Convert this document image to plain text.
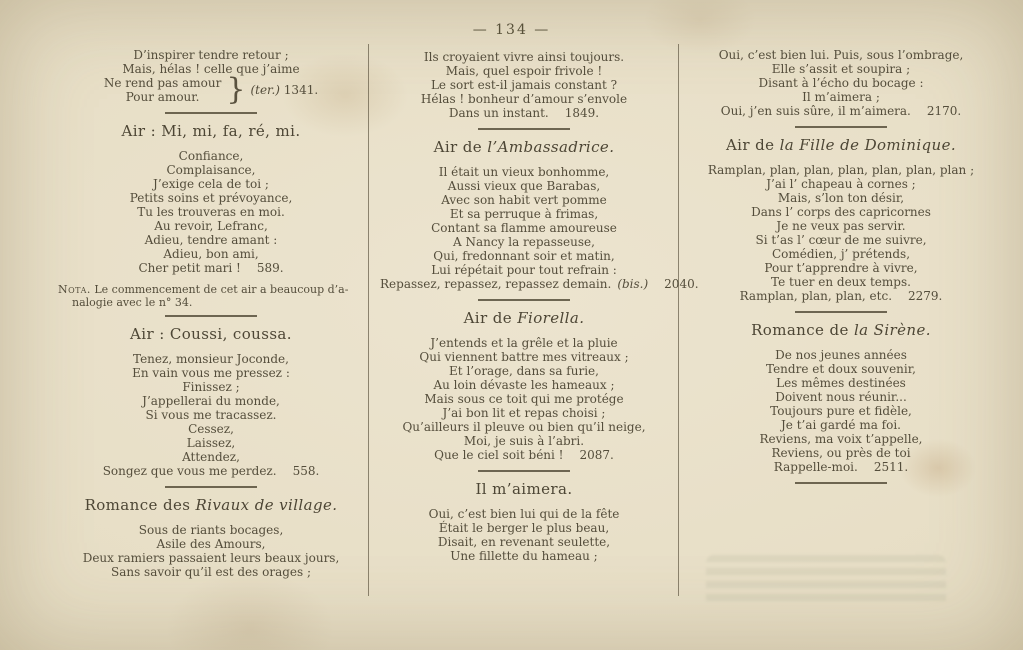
— 134 —
D’inspirer tendre retour ;
Mais, hélas ! celle que j’aime
Ne rend pas amour
Pour amour. } (ter.) 1341.
Air : Mi, mi, fa, ré, mi.
Confiance,
Complaisance,
J’exige cela de toi ;
Petits soins et prévoyance,
Tu les trouveras en moi.
Au revoir, Lefranc,
Adieu, tendre amant :
Adieu, bon ami,
Cher petit mari ! 589.

Nota. Le commencement de cet air a beaucoup d’a-
nalogie avec le n° 34.

Air : Coussi, coussa.
Tenez, monsieur Joconde,
En vain vous me pressez :
Finissez ;
J’appellerai du monde,
Si vous me tracassez.
Cessez,
Laissez,
Attendez,
Songez que vous me perdez. 558.
Romance des Rivaux de village.
Sous de riants bocages,
Asile des Amours,
Deux ramiers passaient leurs beaux jours,
Sans savoir qu’il est des orages ;
Ils croyaient vivre ainsi toujours.
Mais, quel espoir frivole !
Le sort est-il jamais constant ?
Hélas ! bonheur d’amour s’envole
Dans un instant. 1849.
Air de l’Ambassadrice.
Il était un vieux bonhomme,
Aussi vieux que Barabas,
Avec son habit vert pomme
Et sa perruque à frimas,
Contant sa flamme amoureuse
A Nancy la repasseuse,
Qui, fredonnant soir et matin,
Lui répétait pour tout refrain :
Repassez, repassez, repassez demain. (bis.) 2040.
Air de Fiorella.
J’entends et la grêle et la pluie
Qui viennent battre mes vitreaux ;
Et l’orage, dans sa furie,
Au loin dévaste les hameaux ;
Mais sous ce toit qui me protége
J’ai bon lit et repas choisi ;
Qu’ailleurs il pleuve ou bien qu’il neige,
Moi, je suis à l’abri.
Que le ciel soit béni ! 2087.
Il m’aimera.
Oui, c’est bien lui qui de la fête
Était le berger le plus beau,
Disait, en revenant seulette,
Une fillette du hameau ;
Oui, c’est bien lui. Puis, sous l’ombrage,
Elle s’assit et soupira ;
Disant à l’écho du bocage :
Il m’aimera ;
Oui, j’en suis sûre, il m’aimera. 2170.
Air de la Fille de Dominique.
Ramplan, plan, plan, plan, plan, plan, plan ;
J’ai l’ chapeau à cornes ;
Mais, s’lon ton désir,
Dans l’ corps des capricornes
Je ne veux pas servir.
Si t’as l’ cœur de me suivre,
Comédien, j’ prétends,
Pour t’apprendre à vivre,
Te tuer en deux temps.
Ramplan, plan, plan, etc. 2279.
Romance de la Sirène.
De nos jeunes années
Tendre et doux souvenir,
Les mêmes destinées
Doivent nous réunir...
Toujours pure et fidèle,
Je t’ai gardé ma foi.
Reviens, ma voix t’appelle,
Reviens, ou près de toi
Rappelle-moi. 2511.
